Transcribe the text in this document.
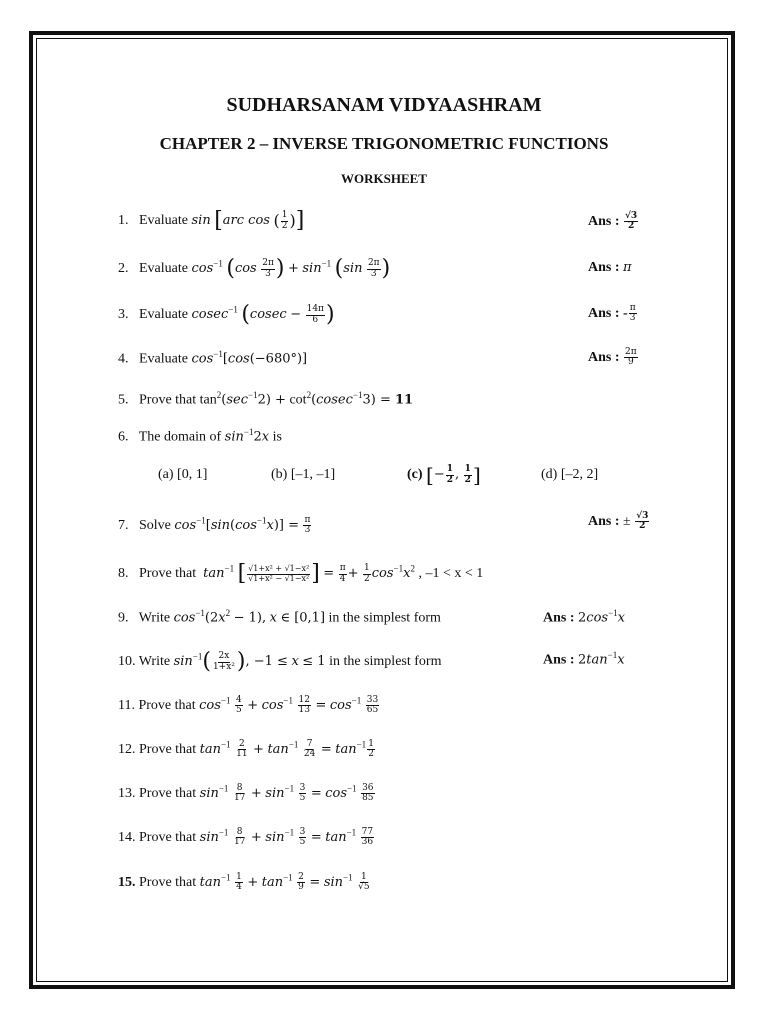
SUDHARSANAM VIDYAASHRAM
CHAPTER 2 – INVERSE TRIGONOMETRIC FUNCTIONS
WORKSHEET
1. Evaluate sin [arc cos ( $\frac{1}{2}$ )]	Ans : $\frac{√3}{2}$
2. Evaluate $\cos^{-1} (\cos \frac{2\pi}{3}$ ) + $\sin^{-1} (\sin \frac{2\pi}{3}$ )	Ans : π
3. Evaluate cosec$^{-1}$ ($cosec - \frac{14\pi}{6}$ )	Ans : - $\frac{\pi}{3}$
4. Evaluate $\cos^{-1}[\cos(-680^\circ)]$	Ans : $\frac{2\pi}{9}$
5. Prove that $\tan^2(\sec^{-1}2) + \cot^2(cosec^{-1}3) = 11$
6. The domain of $\sin^{-1}2x$ is
(a) [0, 1]	(b) [–1, –1]	(c) [− $\frac{1}{2}$ , $\frac{1}{2}$ ]	(d) [–2, 2]
7. Solve $\cos^{-1}[\sin(\cos^{-1}x)] = \frac{\pi}{3}$	Ans : ± $\frac{√3}{2}$
8. Prove that $\tan^{-1}$ [ $\frac{\text{√1+x² + √1−x²}}{\text{√1+x² − √1−x²}}$ ] = $\frac{\pi}{4} + \frac{1}{2} \cos^{-1}x^2$ , –1 < x < 1
9. Write $\cos^{-1}(2x^2 - 1)$, x ∈ [0,1] in the simplest form	Ans : $2\cos^{-1}x$
10. Write $\sin^{-1}( \frac{2x}{\text{1+x²}}$ ), −1 ≤ x ≤ 1 in the simplest form	Ans : $2\tan^{-1}x$
11. Prove that $\cos^{-1} \frac{4}{5} + \cos^{-1} \frac{12}{13} = \cos^{-1} \frac{33}{65}$
12. Prove that $\tan^{-1} \frac{2}{11} + \tan^{-1} \frac{7}{24} = \tan^{-1} \frac{1}{2}$
13. Prove that $\sin^{-1} \frac{8}{17} + \sin^{-1} \frac{3}{5} = \cos^{-1} \frac{36}{85}$
14. Prove that $\sin^{-1} \frac{8}{17} + \sin^{-1} \frac{3}{5} = \tan^{-1} \frac{77}{36}$
15. Prove that $\tan^{-1} \frac{1}{4} + \tan^{-1} \frac{2}{9} = \sin^{-1} \frac{1}{√5}$
